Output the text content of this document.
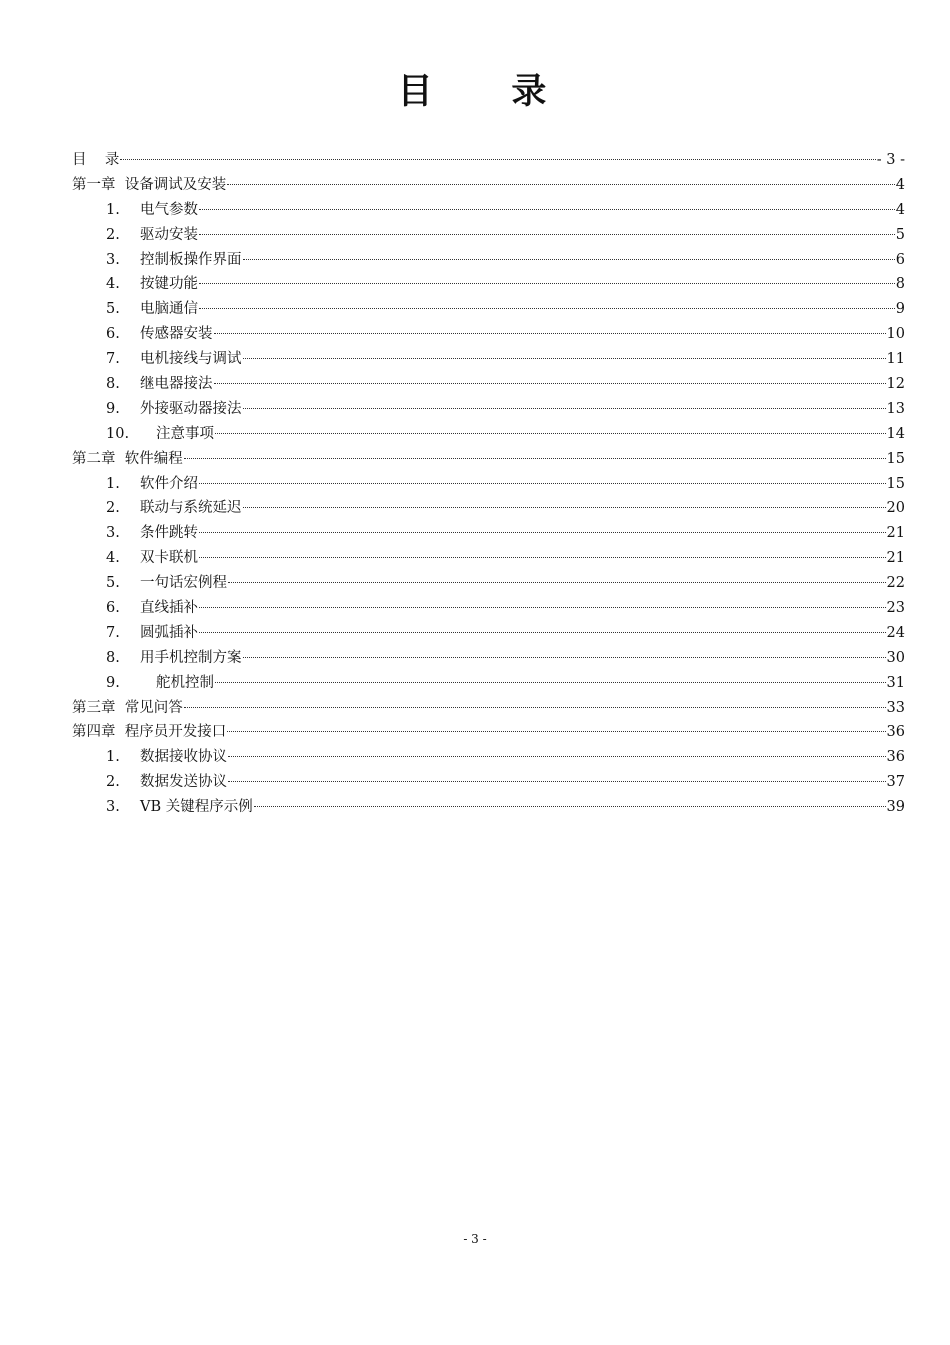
目    录
目    录	- 3 -
第一章  设备调试及安装	4
1.	电气参数	4
2.	驱动安装	5
3.	控制板操作界面	6
4.	按键功能	8
5.	电脑通信	9
6.	传感器安装	10
7.	电机接线与调试	11
8.	继电器接法	12
9.	外接驱动器接法	13
10.	注意事项	14
第二章  软件编程	15
1.	软件介绍	15
2.	联动与系统延迟	20
3.	条件跳转	21
4.	双卡联机	21
5.	一句话宏例程	22
6.	直线插补	23
7.	圆弧插补	24
8.	用手机控制方案	30
9.	舵机控制	31
第三章  常见问答	33
第四章  程序员开发接口	36
1.	数据接收协议	36
2.	数据发送协议	37
3.	VB 关键程序示例	39
- 3 -
